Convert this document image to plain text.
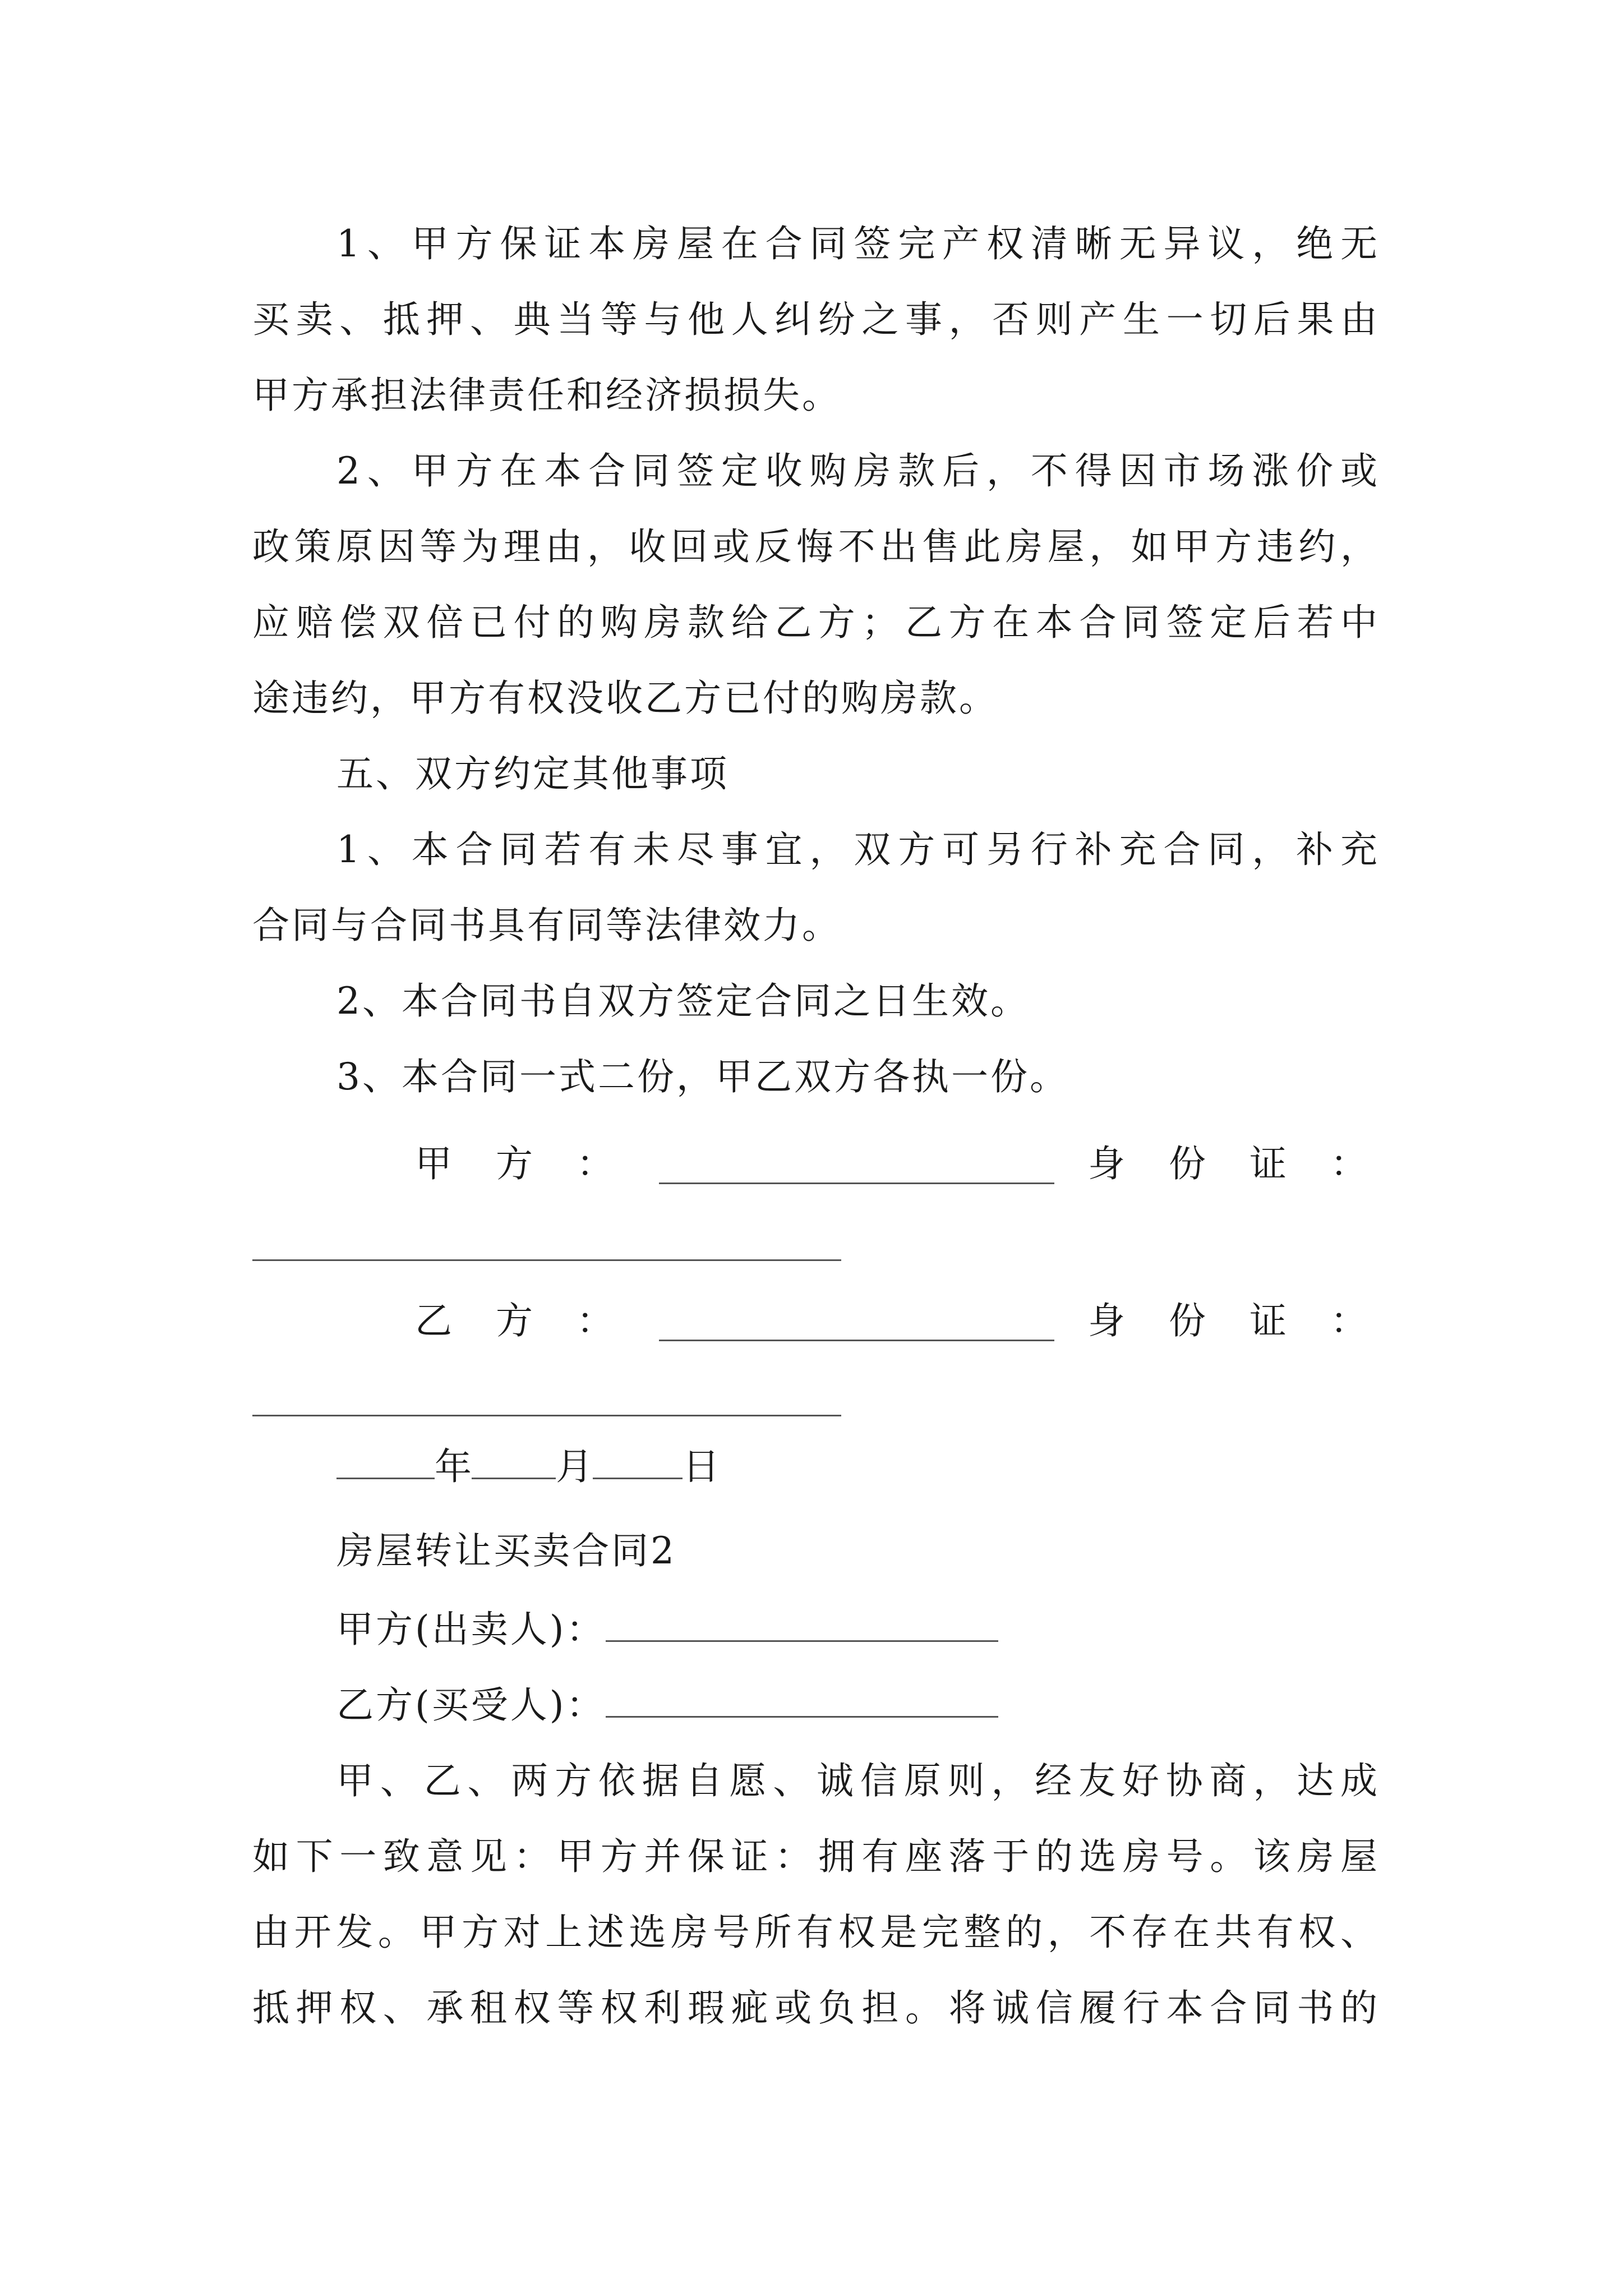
1、甲方保证本房屋在合同签完产权清晰无异议，绝无
买卖、抵押、典当等与他人纠纷之事，否则产生一切后果由
甲方承担法律责任和经济损损失。
2、甲方在本合同签定收购房款后，不得因市场涨价或
政策原因等为理由，收回或反悔不出售此房屋，如甲方违约，
应赔偿双倍已付的购房款给乙方；乙方在本合同签定后若中
途违约，甲方有权没收乙方已付的购房款。
五、双方约定其他事项
1、本合同若有未尽事宜，双方可另行补充合同，补充
合同与合同书具有同等法律效力。
2、本合同书自双方签定合同之日生效。
3、本合同一式二份，甲乙双方各执一份。
甲　方　：	身　份　证　：
乙　方　：	身　份　证　：
年 月 日
房屋转让买卖合同2
甲方(出卖人)：
乙方(买受人)：
甲、乙、两方依据自愿、诚信原则，经友好协商，达成
如下一致意见：甲方并保证：拥有座落于的选房号。该房屋
由开发。甲方对上述选房号所有权是完整的，不存在共有权、
抵押权、承租权等权利瑕疵或负担。将诚信履行本合同书的
